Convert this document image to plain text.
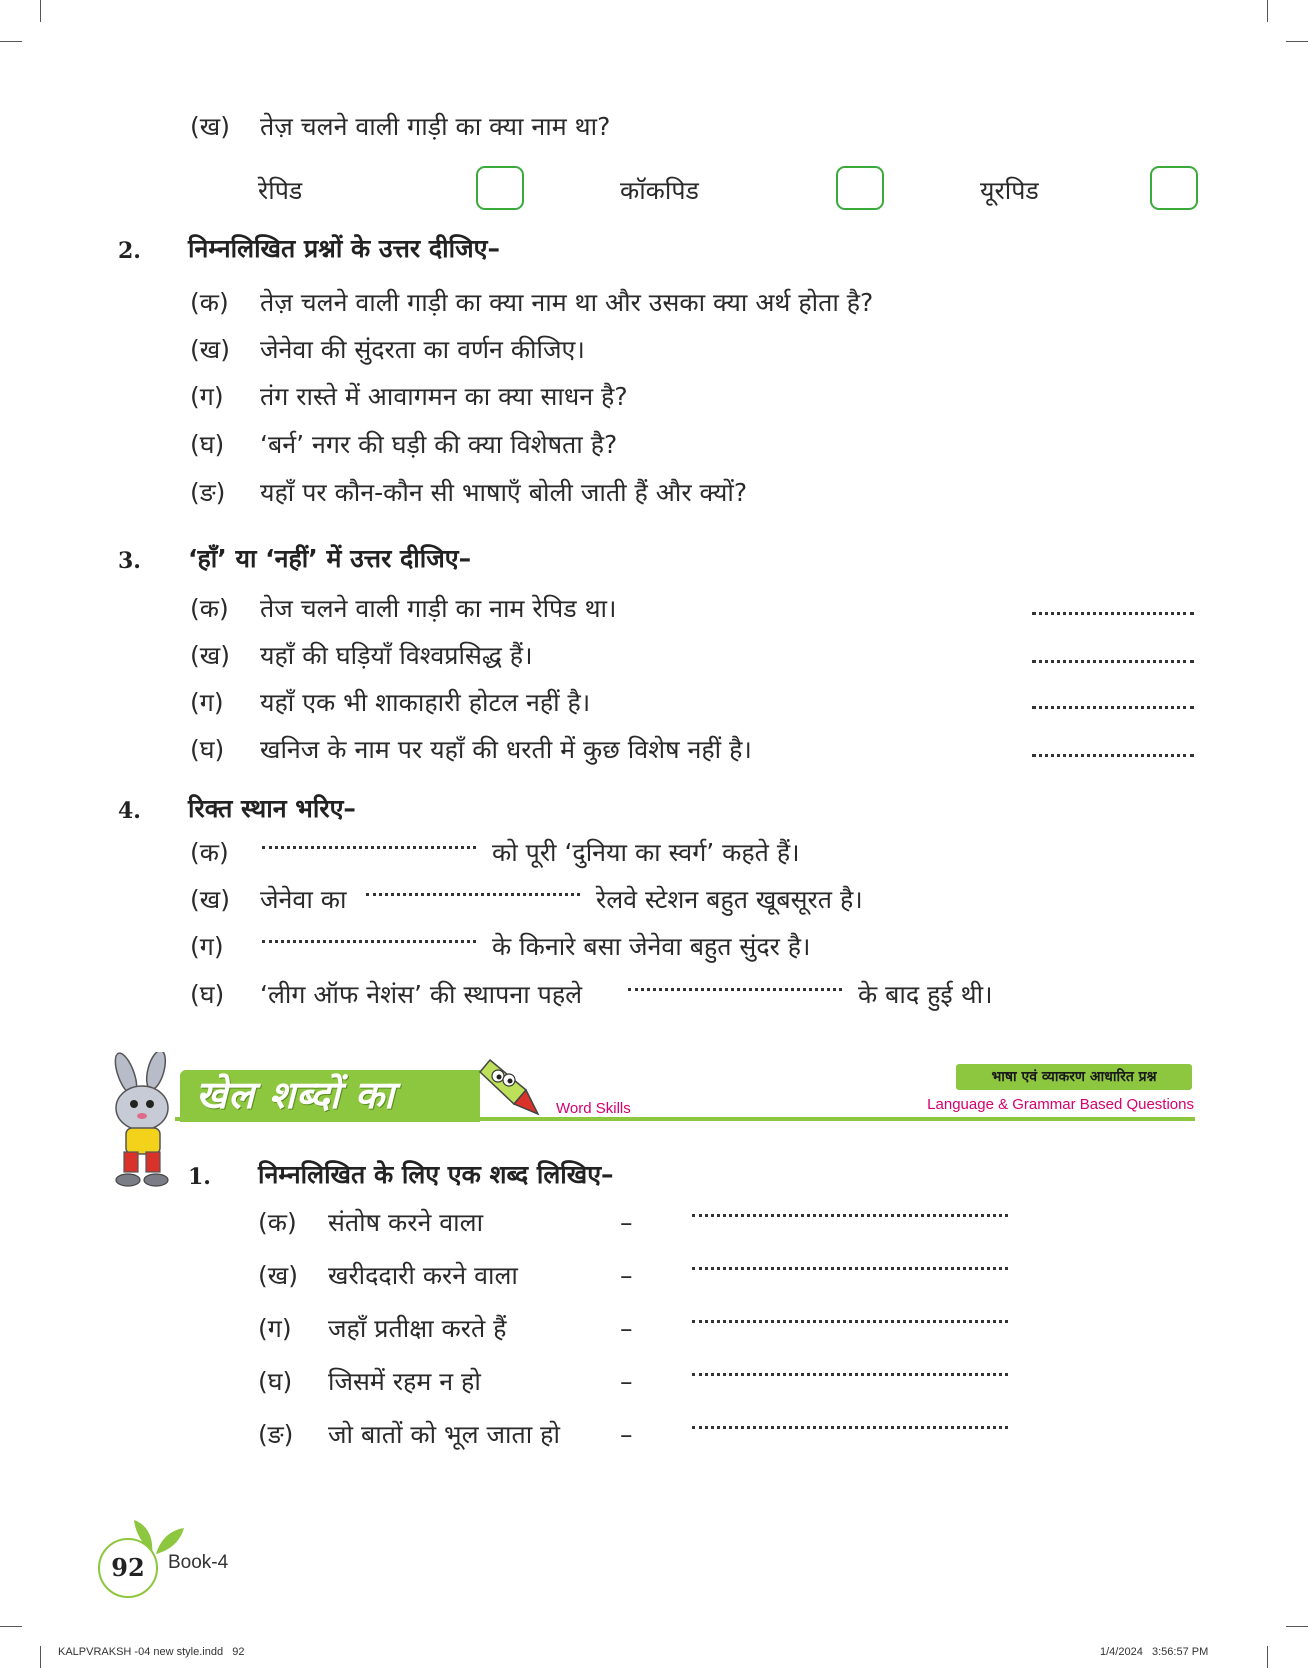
(ख)	तेज़ चलने वाली गाड़ी का क्या नाम था?
रेपिड	कॉकपिड	यूरपिड
2. निम्नलिखित प्रश्नों के उत्तर दीजिए–
(क)	तेज़ चलने वाली गाड़ी का क्या नाम था और उसका क्या अर्थ होता है?
(ख)	जेनेवा की सुंदरता का वर्णन कीजिए।
(ग)	तंग रास्ते में आवागमन का क्या साधन है?
(घ)	‘बर्न’ नगर की घड़ी की क्या विशेषता है?
(ङ)	यहाँ पर कौन-कौन सी भाषाएँ बोली जाती हैं और क्यों?
3. ‘हाँ’ या ‘नहीं’ में उत्तर दीजिए–
(क)	तेज चलने वाली गाड़ी का नाम रेपिड था।
(ख)	यहाँ की घड़ियाँ विश्वप्रसिद्ध हैं।
(ग)	यहाँ एक भी शाकाहारी होटल नहीं है।
(घ)	खनिज के नाम पर यहाँ की धरती में कुछ विशेष नहीं है।
4. रिक्त स्थान भरिए–
(क)	को पूरी ‘दुनिया का स्वर्ग’ कहते हैं।
(ख)	जेनेवा का	रेलवे स्टेशन बहुत खूबसूरत है।
(ग)	के किनारे बसा जेनेवा बहुत सुंदर है।
(घ)	‘लीग ऑफ नेशंस’ की स्थापना पहले	के बाद हुई थी।
खेल शब्दों का	Word Skills
भाषा एवं व्याकरण आधारित प्रश्न
Language & Grammar Based Questions
1. निम्नलिखित के लिए एक शब्द लिखिए–
(क)	संतोष करने वाला	–
(ख)	खरीददारी करने वाला	–
(ग)	जहाँ प्रतीक्षा करते हैं	–
(घ)	जिसमें रहम न हो	–
(ङ)	जो बातों को भूल जाता हो –
92	Book-4
KALPVRAKSH -04 new style.indd   92	1/4/2024   3:56:57 PM
